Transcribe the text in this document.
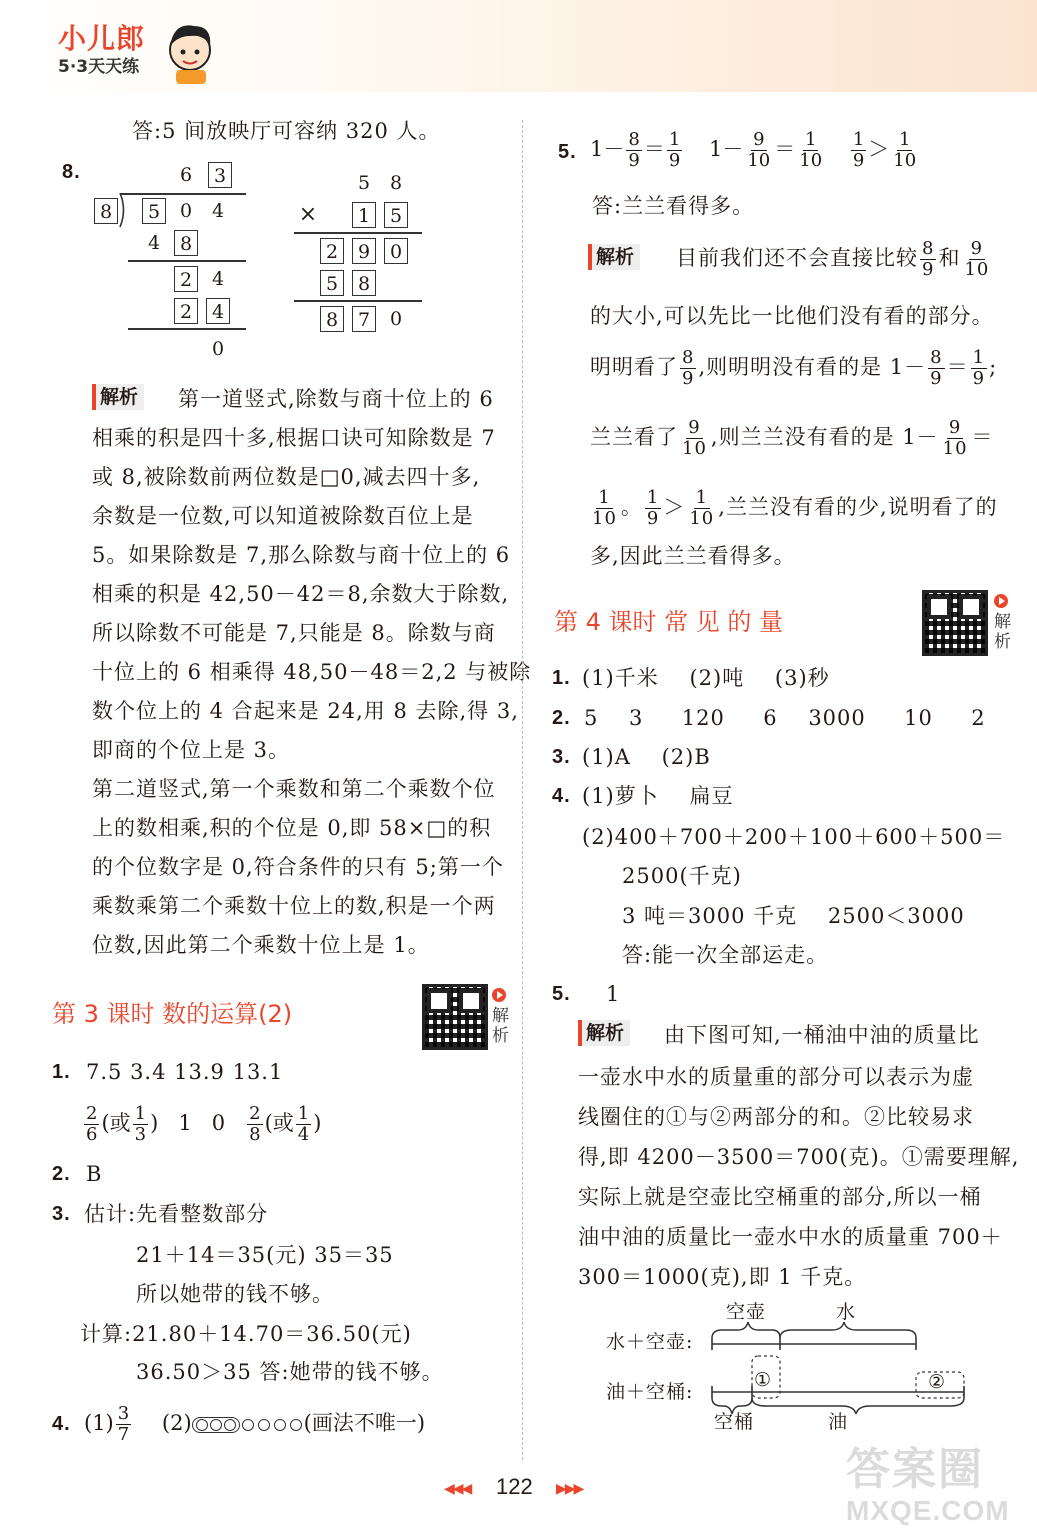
小儿郎
5·3天天练
答:5 间放映厅可容纳 320 人。
8.	6	3
8	5	0	4
4	8
2	4
2	4
0
5	8
×	1	5
2	9	0
5	8
8	7	0
解析 第一道竖式,除数与商十位上的 6
相乘的积是四十多,根据口诀可知除数是 7
或 8,被除数前两位数是□0,减去四十多,
余数是一位数,可以知道被除数百位上是
5。如果除数是 7,那么除数与商十位上的 6
相乘的积是 42,50－42＝8,余数大于除数,
所以除数不可能是 7,只能是 8。除数与商
十位上的 6 相乘得 48,50－48＝2,2 与被除
数个位上的 4 合起来是 24,用 8 去除,得 3,
即商的个位上是 3。
第二道竖式,第一个乘数和第二个乘数个位
上的数相乘,积的个位是 0,即 58×□的积
的个位数字是 0,符合条件的只有 5;第一个
乘数乘第二个乘数十位上的数,积是一个两
位数,因此第二个乘数十位上是 1。
第 3 课时 数的运算(2)	解析
1. 7.5 3.4 13.9 13.1
$\frac{2}{6}$ (或 $\frac{1}{3}$ )   1   $0 \frac{2}{8}$ (或 $\frac{1}{4}$ )
2. B
3. 估计:先看整数部分
21＋14＝35(元) 35＝35
所以她带的钱不够。
计算:21.80＋14.70＝36.50(元)
36.50＞35 答:她带的钱不够。
4. $(1) \frac{3}{7} (2)$	(画法不唯一)
5. $1- \frac{8}{9} = \frac{1}{9} 1- \frac{9}{10} = \frac{1}{10}$
$\frac{1}{9} > \frac{1}{10}$
答:兰兰看得多。
解析 目前我们还不会直接比较 $\frac{8}{9}$ 和 $\frac{9}{10}$
的大小,可以先比一比他们没有看的部分。
明明看了 $\frac{8}{9}$ ,则明明没有看的是 $1- \frac{8}{9} = \frac{1}{9}$ ;
兰兰看了 $\frac{9}{10}$ ,则兰兰没有看的是 $1- \frac{9}{10}$ ＝
$\frac{1}{10}$ 。 $\frac{1}{9} > \frac{1}{10}$ ,兰兰没有看的少,说明看了的
多,因此兰兰看得多。
第 4 课时 常 见 的 量	解析
1. (1)千米    (2)吨    (3)秒
2. 5    3     120     6    3000     10     2
3. (1)A    (2)B
4. (1)萝卜    扁豆
(2)400＋700＋200＋100＋600＋500＝
2500(千克)
3 吨＝3000 千克    2500＜3000
答:能一次全部运走。
5. 1
解析 由下图可知,一桶油中油的质量比
一壶水中水的质量重的部分可以表示为虚
线圈住的①与②两部分的和。②比较易求
得,即 4200－3500＝700(克)。①需要理解,
实际上就是空壶比空桶重的部分,所以一桶
油中油的质量比一壶水中水的质量重 700＋
300＝1000(克),即 1 千克。
空壶	水
水＋空壶:
油＋空桶:
①	②
空桶	油
◀◀◀ 122 ▶▶▶	答案圈
MXQE.COM
